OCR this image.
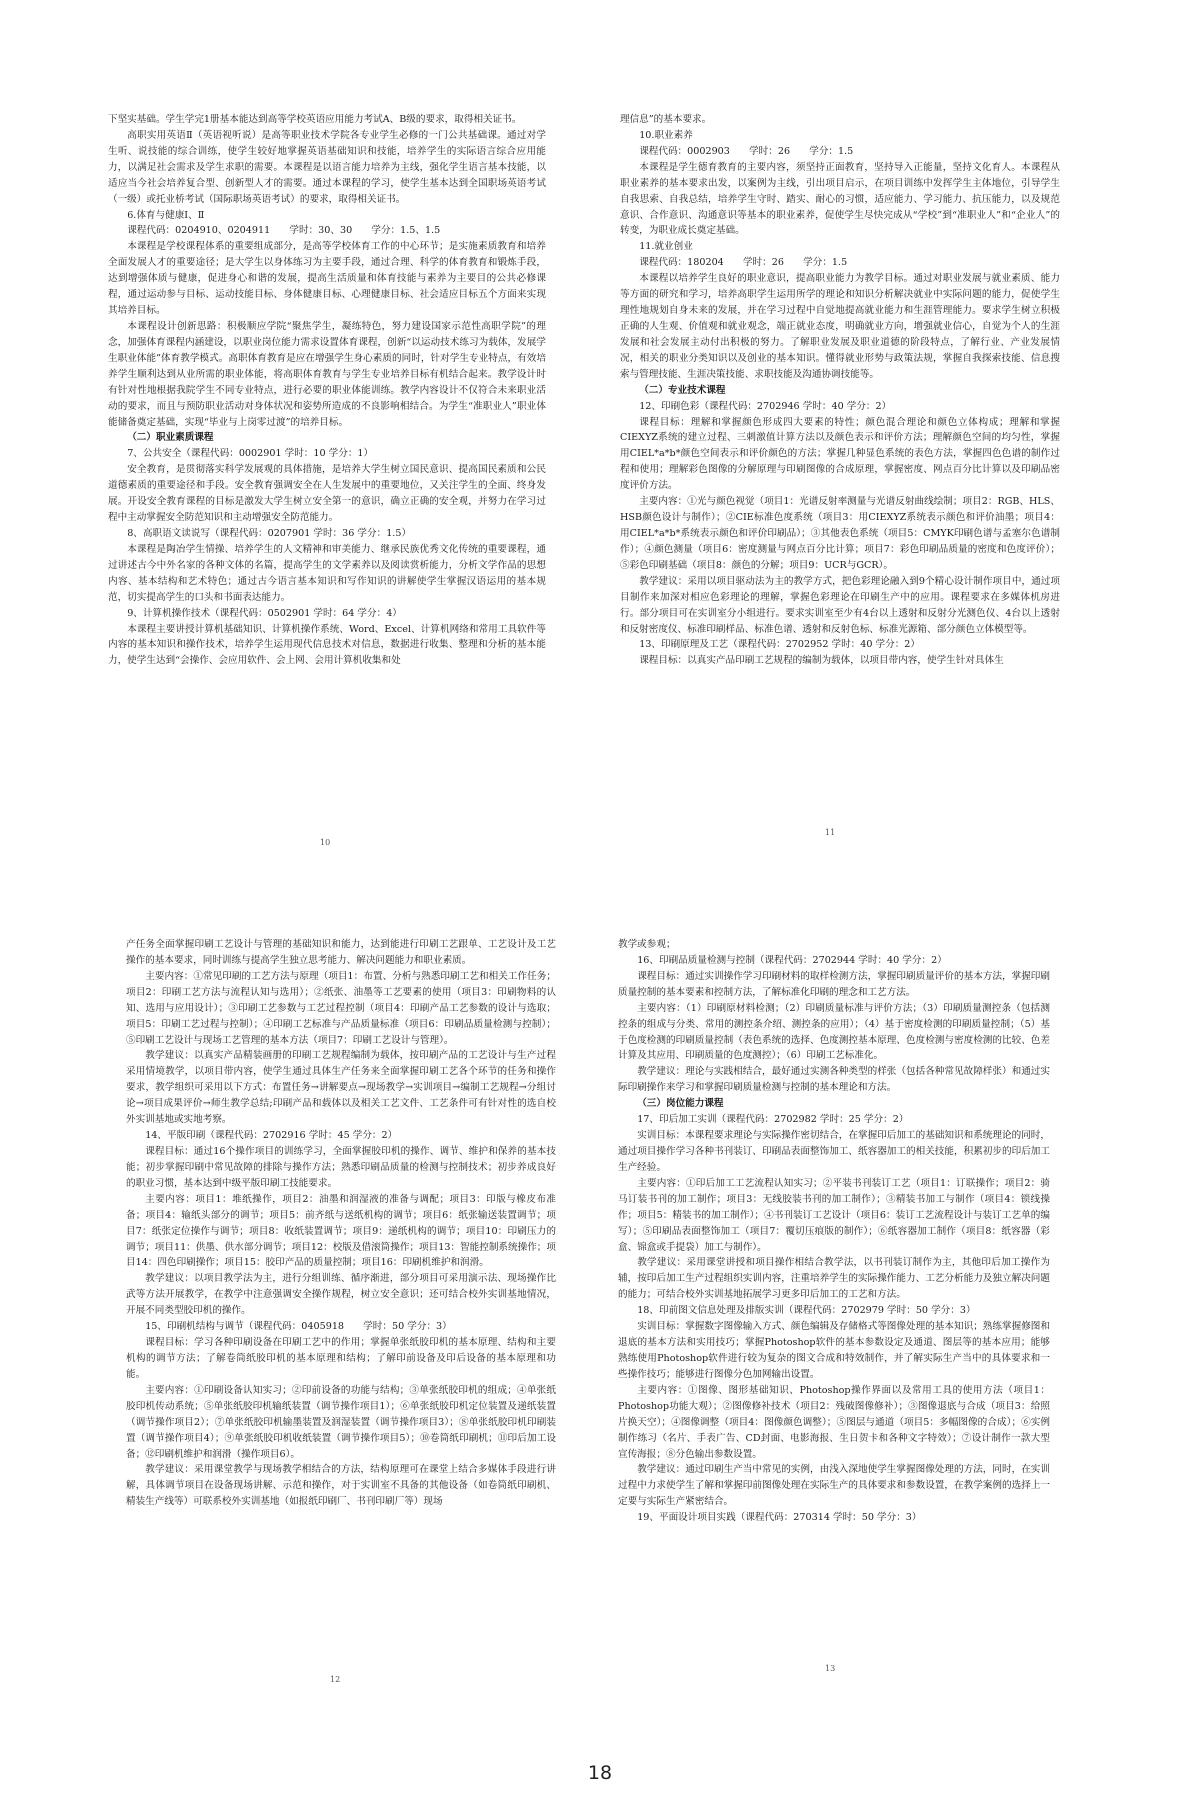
下坚实基础。学生学完1册基本能达到高等学校英语应用能力考试A、B级的要求，取得相关证书。

高职实用英语Ⅱ（英语视听说）是高等职业技术学院各专业学生必修的一门公共基础课。通过对学生听、说技能的综合训练，使学生较好地掌握英语基础知识和技能，培养学生的实际语言综合应用能力，以满足社会需求及学生求职的需要。本课程是以语言能力培养为主线，强化学生语言基本技能，以适应当今社会培养复合型、创新型人才的需要。通过本课程的学习，使学生基本达到全国职场英语考试（一级）或托业桥考试（国际职场英语考试）的要求，取得相关证书。

6.体育与健康Ⅰ、Ⅱ

课程代码：0204910、0204911　　学时：30、30　　学分：1.5、1.5

本课程是学校课程体系的重要组成部分，是高等学校体育工作的中心环节；是实施素质教育和培养全面发展人才的重要途径；是大学生以身体练习为主要手段，通过合理、科学的体育教育和锻炼手段，达到增强体质与健康，促进身心和谐的发展，提高生活质量和体育技能与素养为主要目的公共必修课程，通过运动参与目标、运动技能目标、身体健康目标、心理健康目标、社会适应目标五个方面来实现其培养目标。

本课程设计创新思路：积极顺应学院“聚焦学生，凝练特色，努力建设国家示范性高职学院”的理念，加强体育课程内涵建设，以职业岗位能力需求设置体育课程，创新“以运动技术练习为载体，发展学生职业体能”体育教学模式。高职体育教育是应在增强学生身心素质的同时，针对学生专业特点，有效培养学生顺利达到从业所需的职业体能，将高职体育教育与学生专业培养目标有机结合起来。教学设计时有针对性地根据我院学生不同专业特点，进行必要的职业体能训练。教学内容设计不仅符合未来职业活动的要求，而且与预防职业活动对身体状况和姿势所造成的不良影响相结合。为学生“准职业人”职业体能储备奠定基础，实现“毕业与上岗零过渡”的培养目标。

（二）职业素质课程

7、公共安全（课程代码：0002901 学时：10 学分：1）

安全教育，是贯彻落实科学发展观的具体措施，是培养大学生树立国民意识、提高国民素质和公民道德素质的重要途径和手段。安全教育强调安全在人生发展中的重要地位，又关注学生的全面、终身发展。开设安全教育课程的目标是激发大学生树立安全第一的意识，确立正确的安全观，并努力在学习过程中主动掌握安全防范知识和主动增强安全防范能力。

8、高职语文读说写（课程代码：0207901 学时：36 学分：1.5）

本课程是陶冶学生情操、培养学生的人文精神和审美能力、继承民族优秀文化传统的重要课程，通过讲述古今中外名家的各种文体的名篇，提高学生的文学素养以及阅读赏析能力，分析文学作品的思想内容、基本结构和艺术特色；通过古今语言基本知识和写作知识的讲解使学生掌握汉语运用的基本规范，切实提高学生的口头和书面表达能力。

9、计算机操作技术（课程代码：0502901 学时：64 学分：4）

本课程主要讲授计算机基础知识、计算机操作系统、Word、Excel、计算机网络和常用工具软件等内容的基本知识和操作技术，培养学生运用现代信息技术对信息，数据进行收集、整理和分析的基本能力，使学生达到“会操作、会应用软件、会上网、会用计算机收集和处

理信息”的基本要求。

10.职业素养

课程代码：0002903　　学时：26　　学分：1.5

本课程是学生德育教育的主要内容，须坚持正面教育，坚持导入正能量，坚持文化育人。本课程从职业素养的基本要求出发，以案例为主线，引出项目启示，在项目训练中发挥学生主体地位，引导学生自我思索、自我总结，培养学生守时、踏实、耐心的习惯，适应能力、学习能力、抗压能力，以及规范意识、合作意识、沟通意识等基本的职业素养，促使学生尽快完成从“学校”到“准职业人”和“企业人”的转变，为职业成长奠定基础。

11.就业创业

课程代码：180204　　学时：26　　学分：1.5

本课程以培养学生良好的职业意识，提高职业能力为教学目标。通过对职业发展与就业素质、能力等方面的研究和学习，培养高职学生运用所学的理论和知识分析解决就业中实际问题的能力，促使学生理性地规划自身未来的发展，并在学习过程中自觉地提高就业能力和生涯管理能力。要求学生树立积极正确的人生观、价值观和就业观念，端正就业态度，明确就业方向，增强就业信心，自觉为个人的生涯发展和社会发展主动付出积极的努力。了解职业发展及职业道德的阶段特点，了解行业、产业发展情况，相关的职业分类知识以及创业的基本知识。懂得就业形势与政策法规，掌握自我探索技能、信息搜索与管理技能、生涯决策技能、求职技能及沟通协调技能等。

（二）专业技术课程

12、印刷色彩（课程代码：2702946 学时：40 学分：2）

课程目标：理解和掌握颜色形成四大要素的特性；颜色混合理论和颜色立体构成；理解和掌握CIEXYZ系统的建立过程、三刺激值计算方法以及颜色表示和评价方法；理解颜色空间的均匀性，掌握用CIEL*a*b*颜色空间表示和评价颜色的方法；掌握几种显色系统的表色方法，掌握四色色谱的制作过程和使用；理解彩色图像的分解原理与印刷图像的合成原理，掌握密度、网点百分比计算以及印刷品密度评价方法。

主要内容：①光与颜色视觉（项目1：光谱反射率测量与光谱反射曲线绘制；项目2：RGB、HLS、HSB颜色设计与制作）；②CIE标准色度系统（项目3：用CIEXYZ系统表示颜色和评价油墨；项目4：用CIEL*a*b*系统表示颜色和评价印刷品）；③其他表色系统（项目5：CMYK印刷色谱与孟塞尔色谱制作）；④颜色测量（项目6：密度测量与网点百分比计算；项目7：彩色印刷品质量的密度和色度评价）；⑤彩色印刷基础（项目8：颜色的分解；项目9：UCR与GCR）。

教学建议：采用以项目驱动法为主的教学方式，把色彩理论融入到9个精心设计制作项目中，通过项目制作来加深对相应色彩理论的理解，掌握色彩理论在印刷生产中的应用。课程要求在多媒体机房进行。部分项目可在实训室分小组进行。要求实训室至少有4台以上透射和反射分光测色仪、4台以上透射和反射密度仪、标准印刷样品、标准色谱、透射和反射色标、标准光源箱、部分颜色立体模型等。

13、印刷原理及工艺（课程代码：2702952 学时：40 学分：2）

课程目标：以真实产品印刷工艺规程的编制为载体，以项目带内容，使学生针对具体生

产任务全面掌握印刷工艺设计与管理的基础知识和能力，达到能进行印刷工艺跟单、工艺设计及工艺操作的基本要求，同时训练与提高学生独立思考能力、解决问题能力和职业素质。

主要内容：①常见印刷的工艺方法与原理（项目1：布置、分析与熟悉印刷工艺和相关工作任务；项目2：印刷工艺方法与流程认知与选用）；②纸张、油墨等工艺要素的使用（项目3：印刷物料的认知、选用与应用设计）；③印刷工艺参数与工艺过程控制（项目4：印刷产品工艺参数的设计与选取；项目5：印刷工艺过程与控制）；④印刷工艺标准与产品质量标准（项目6：印刷品质量检测与控制）；⑤印刷工艺设计与现场工艺管理的基本方法（项目7：印刷工艺设计与管理）。

教学建议：以真实产品精装画册的印刷工艺规程编制为载体，按印刷产品的工艺设计与生产过程采用情境教学，以项目带内容，使学生通过具体生产任务来全面掌握印刷工艺各个环节的任务和操作要求，教学组织可采用以下方式：布置任务→讲解要点→现场教学→实训项目→编制工艺规程→分组讨论→项目成果评价→师生教学总结;印刷产品和载体以及相关工艺文件、工艺条件可有针对性的选自校外实训基地或实地考察。

14、平版印刷（课程代码：2702916 学时：45 学分：2）

课程目标：通过16个操作项目的训练学习，全面掌握胶印机的操作、调节、维护和保养的基本技能；初步掌握印刷中常见故障的排除与操作方法；熟悉印刷品质量的检测与控制技术；初步养成良好的职业习惯，基本达到中级平版印刷工技能要求。

主要内容：项目1：堆纸操作，项目2：油墨和润湿液的准备与调配；项目3：印版与橡皮布准备；项目4：输纸头部分的调节；项目5：前齐纸与送纸机构的调节；项目6：纸张输送装置调节；项目7：纸张定位操作与调节；项目8：收纸装置调节；项目9：递纸机构的调节；项目10：印刷压力的调节；项目11：供墨、供水部分调节；项目12：校版及借滚筒操作；项目13：智能控制系统操作；项目14：四色印刷操作；项目15：胶印产品的质量控制；项目16：印刷机维护和润滑。

教学建议：以项目教学法为主，进行分组训练、循序渐进，部分项目可采用演示法、现场操作比武等方法开展教学，在教学中注意强调安全操作规程，树立安全意识；还可结合校外实训基地情况，开展不同类型胶印机的操作。

15、印刷机结构与调节（课程代码：0405918　　学时：50 学分：3）

课程目标：学习各种印刷设备在印刷工艺中的作用；掌握单张纸胶印机的基本原理、结构和主要机构的调节方法；了解卷筒纸胶印机的基本原理和结构；了解印前设备及印后设备的基本原理和功能。

主要内容：①印刷设备认知实习；②印前设备的功能与结构；③单张纸胶印机的组成；④单张纸胶印机传动系统；⑤单张纸胶印机输纸装置（调节操作项目1）；⑥单张纸胶印机定位装置及递纸装置（调节操作项目2）；⑦单张纸胶印机输墨装置及润湿装置（调节操作项目3）；⑧单张纸胶印机印刷装置（调节操作项目4）；⑨单张纸胶印机收纸装置（调节操作项目5）；⑩卷筒纸印刷机；⑪印后加工设备；⑫印刷机维护和润滑（操作项目6）。

教学建议：采用课堂教学与现场教学相结合的方法，结构原理可在课堂上结合多媒体手段进行讲解，具体调节项目在设备现场讲解、示范和操作，对于实训室不具备的其他设备（如卷筒纸印刷机、精装生产线等）可联系校外实训基地（如报纸印刷厂、书刊印刷厂等）现场

教学或参观；

16、印刷品质量检测与控制（课程代码：2702944 学时：40 学分：2）

课程目标：通过实训操作学习印刷材料的取样检测方法，掌握印刷质量评价的基本方法，掌握印刷质量控制的基本要素和控制方法，了解标准化印刷的理念和工艺方法。

主要内容：（1）印刷原材料检测；（2）印刷质量标准与评价方法；（3）印刷质量测控条（包括测控条的组成与分类、常用的测控条介绍、测控条的应用）；（4）基于密度检测的印刷质量控制；（5）基于色度检测的印刷质量控制（表色系统的选择、色度测控基本原理、色度检测与密度检测的比较、色差计算及其应用、印刷质量的色度测控）；（6）印刷工艺标准化。

教学建议：理论与实践相结合，最好通过实测各种类型的样张（包括各种常见故障样张）和通过实际印刷操作来学习和掌握印刷质量检测与控制的基本理论和方法。

（三）岗位能力课程

17、印后加工实训（课程代码：2702982 学时：25 学分：2）

实训目标：本课程要求理论与实际操作密切结合，在掌握印后加工的基础知识和系统理论的同时，通过项目操作学习各种书刊装订、印刷品表面整饰加工、纸容器加工的相关技能，积累初步的印后加工生产经验。

主要内容：①印后加工工艺流程认知实习；②平装书刊装订工艺（项目1：订联操作；项目2：骑马订装书刊的加工制作；项目3：无线胶装书刊的加工制作）；③精装书加工与制作（项目4：锁线操作；项目5：精装书的加工制作）；④书刊装订工艺设计（项目6：装订工艺流程设计与装订工艺单的编写）；⑤印刷品表面整饰加工（项目7：覆切压痕版的制作）；⑥纸容器加工制作（项目8：纸容器（彩盒、锦盒或手提袋）加工与制作）。

教学建议：采用课堂讲授和项目操作相结合教学法，以书刊装订制作为主，其他印后加工操作为辅，按印后加工生产过程组织实训内容，注重培养学生的实际操作能力、工艺分析能力及独立解决问题的能力；可结合校外实训基地拓展学习更多印后加工的工艺和方法。

18、印前图文信息处理及排版实训（课程代码：2702979 学时：50 学分：3）

实训目标：掌握数字图像输入方式、颜色编辑及存储格式等图像处理的基本知识；熟练掌握修图和退底的基本方法和实用技巧；掌握Photoshop软件的基本参数设定及通道、图层等的基本应用；能够熟练使用Photoshop软件进行较为复杂的图文合成和特效制作，并了解实际生产当中的具体要求和一些操作技巧；能够进行图像分色加网输出设置。

主要内容：①图像、图形基础知识、Photoshop操作界面以及常用工具的使用方法（项目1：Photoshop功能大观）；②图像修补技术（项目2：残破图像修补）；③图像退底与合成（项目3：给照片换天空）；④图像调整（项目4：图像颜色调整）；⑤图层与通道（项目5：多幅图像的合成）；⑥实例制作练习（名片、手表广告、CD封面、电影海报、生日贺卡和各种文字特效）；⑦设计制作一款大型宣传海报；⑧分色输出参数设置。

教学建议：通过印刷生产当中常见的实例，由浅入深地使学生掌握图像处理的方法，同时，在实训过程中力求使学生了解和掌握印前图像处理在实际生产的具体要求和参数设置，在教学案例的选择上一定要与实际生产紧密结合。

19、平面设计项目实践（课程代码：270314 学时：50 学分：3）

10
11
12
13
18
